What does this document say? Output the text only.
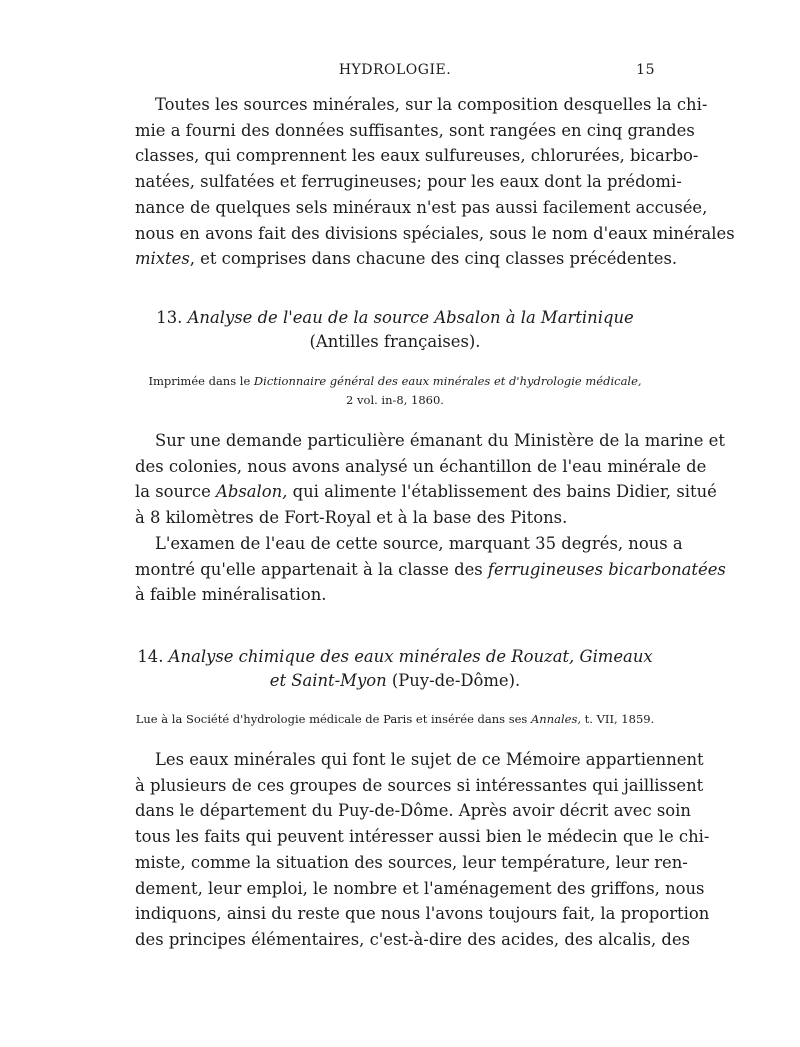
HYDROLOGIE.	15

Toutes les sources minérales, sur la composition desquelles la chi-
mie a fourni des données suffisantes, sont rangées en cinq grandes
classes, qui comprennent les eaux sulfureuses, chlorurées, bicarbo-
natées, sulfatées et ferrugineuses; pour les eaux dont la prédomi-
nance de quelques sels minéraux n'est pas aussi facilement accusée,
nous en avons fait des divisions spéciales, sous le nom d'eaux minérales
mixtes, et comprises dans chacune des cinq classes précédentes.

13. Analyse de l'eau de la source Absalon à la Martinique

(Antilles françaises).

Imprimée dans le Dictionnaire général des eaux minérales et d'hydrologie médicale,

2 vol. in-8, 1860.

Sur une demande particulière émanant du Ministère de la marine et
des colonies, nous avons analysé un échantillon de l'eau minérale de
la source Absalon, qui alimente l'établissement des bains Didier, situé
à 8 kilomètres de Fort-Royal et à la base des Pitons.

L'examen de l'eau de cette source, marquant 35 degrés, nous a
montré qu'elle appartenait à la classe des ferrugineuses bicarbonatées
à faible minéralisation.

14. Analyse chimique des eaux minérales de Rouzat, Gimeaux

et Saint-Myon (Puy-de-Dôme).

Lue à la Société d'hydrologie médicale de Paris et insérée dans ses Annales, t. VII, 1859.

Les eaux minérales qui font le sujet de ce Mémoire appartiennent
à plusieurs de ces groupes de sources si intéressantes qui jaillissent
dans le département du Puy-de-Dôme. Après avoir décrit avec soin
tous les faits qui peuvent intéresser aussi bien le médecin que le chi-
miste, comme la situation des sources, leur température, leur ren-
dement, leur emploi, le nombre et l'aménagement des griffons, nous
indiquons, ainsi du reste que nous l'avons toujours fait, la proportion
des principes élémentaires, c'est-à-dire des acides, des alcalis, des
